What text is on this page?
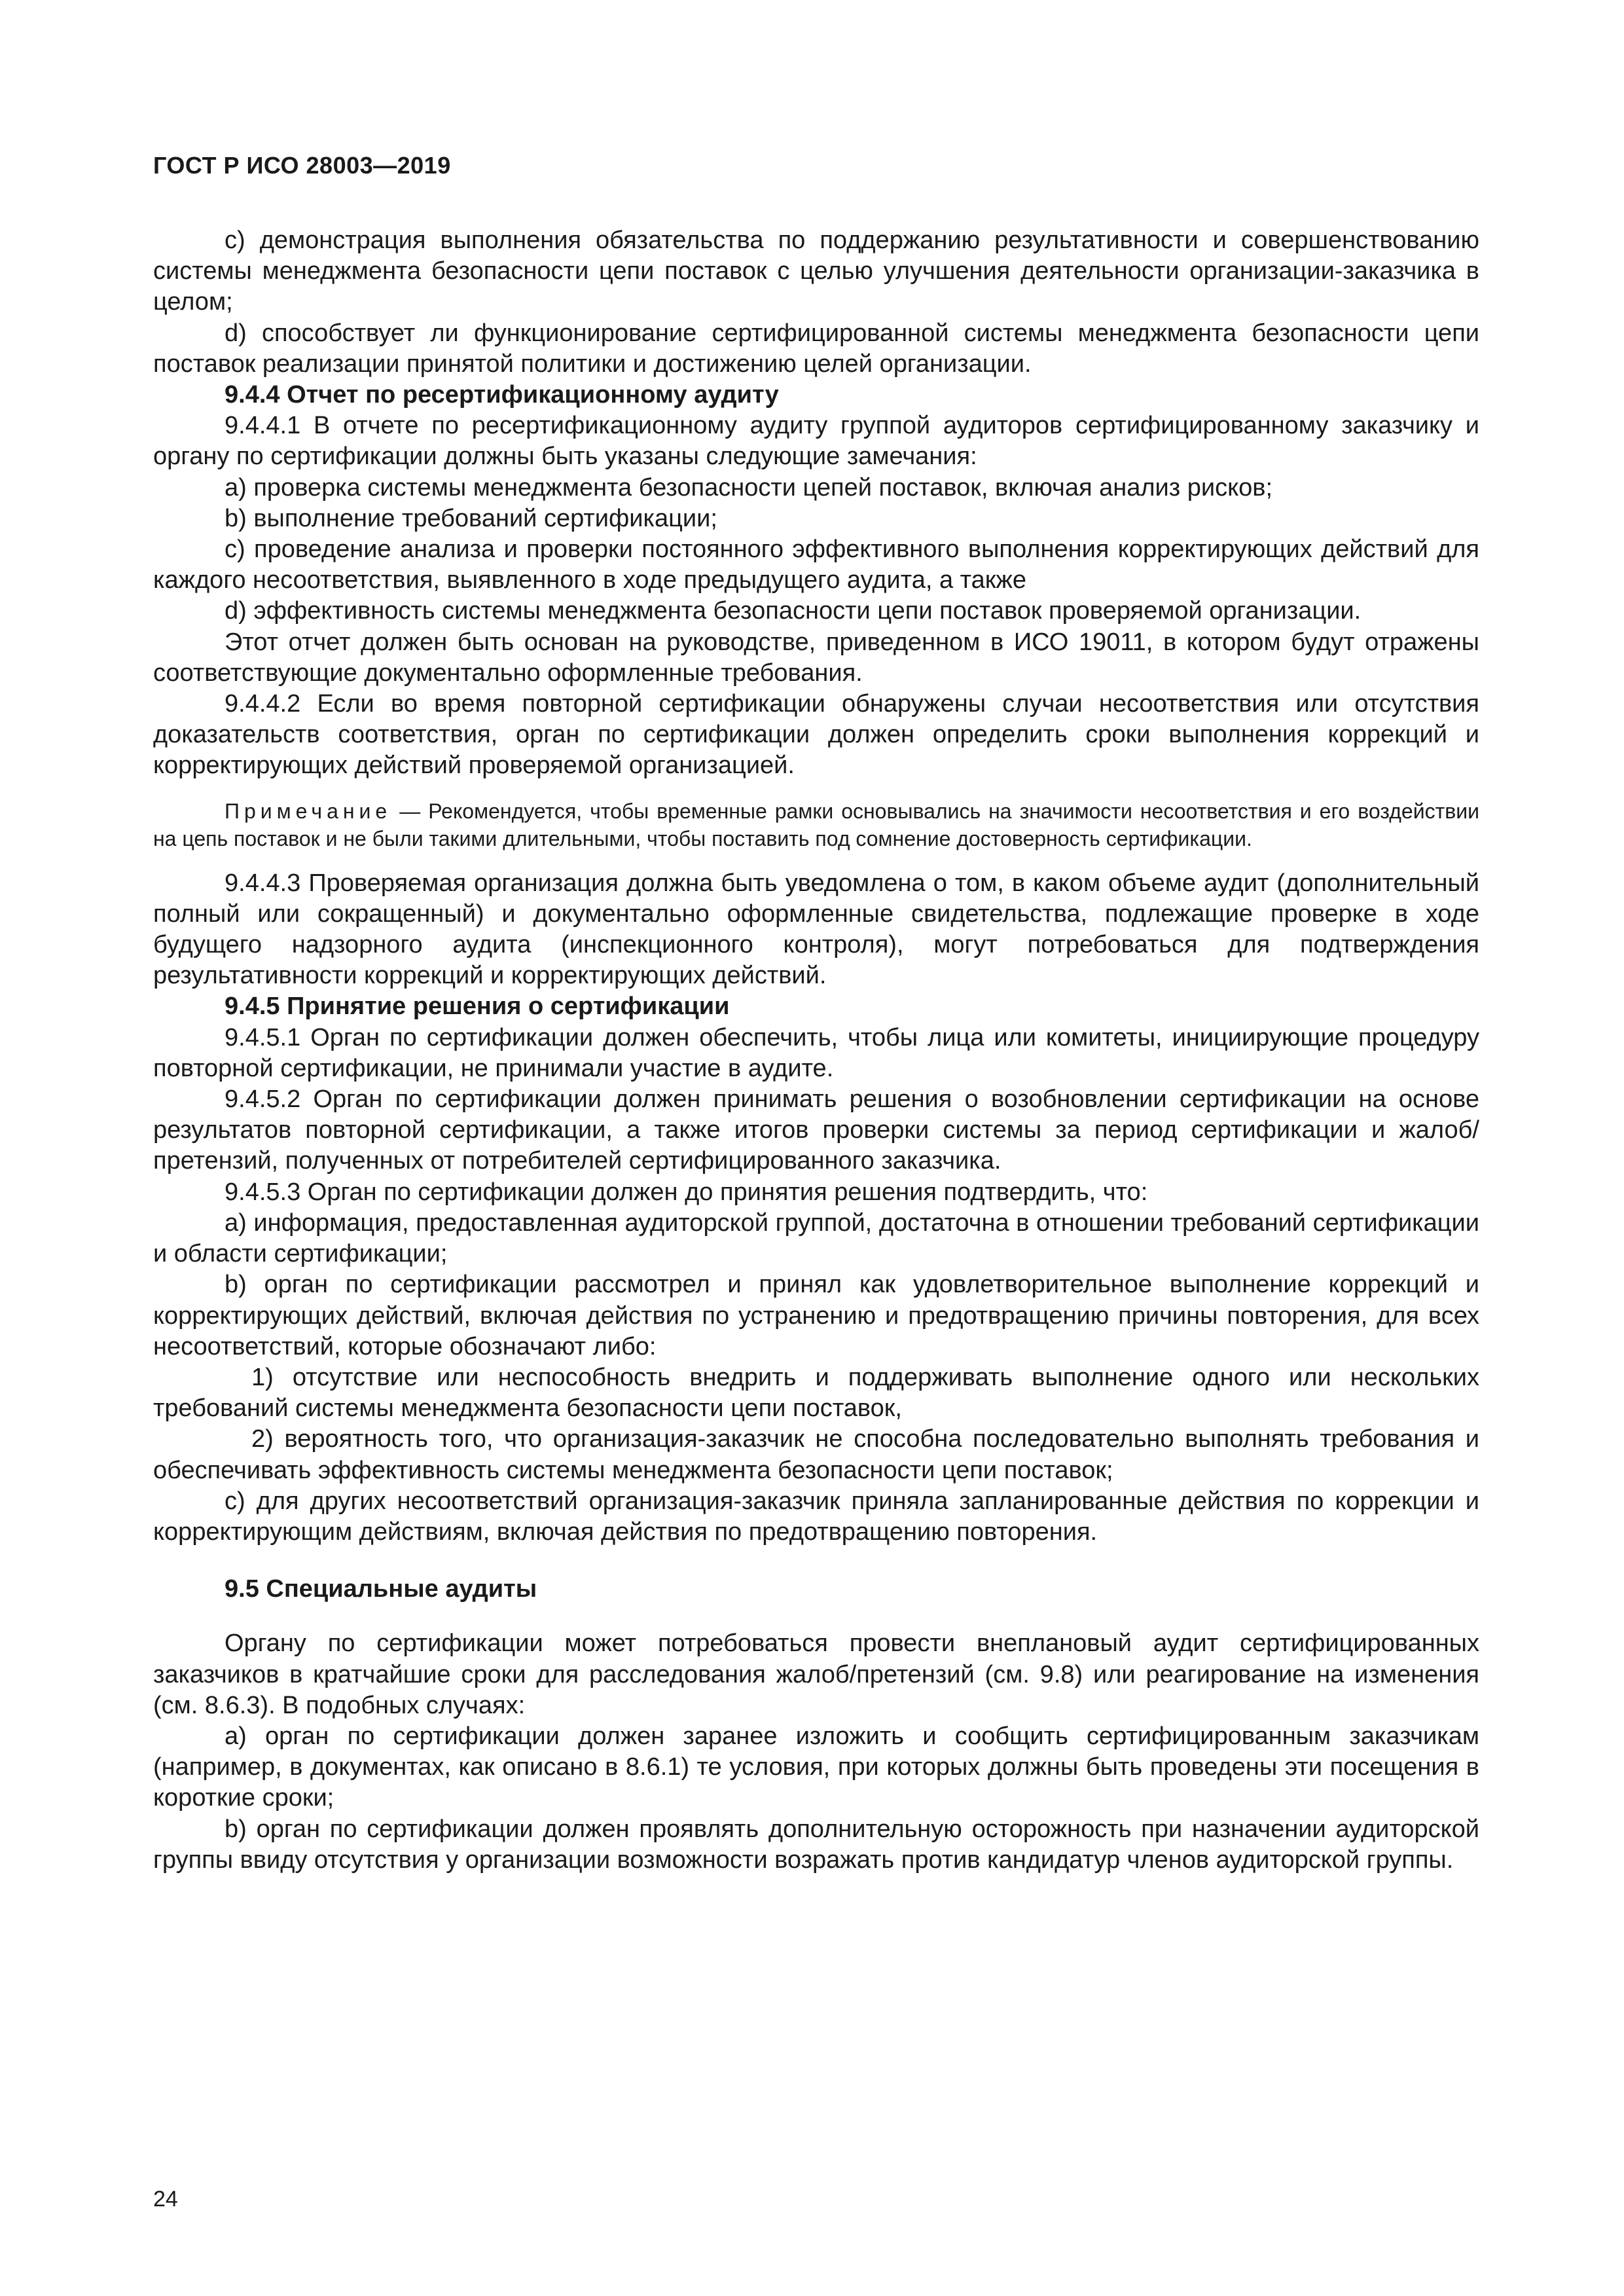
ГОСТ Р ИСО 28003—2019

c) демонстрация выполнения обязательства по поддержанию результативности и совершенствованию системы менеджмента безопасности цепи поставок с целью улучшения деятельности организации-заказчика в целом;

d) способствует ли функционирование сертифицированной системы менеджмента безопасности цепи поставок реализации принятой политики и достижению целей организации.

9.4.4 Отчет по ресертификационному аудиту

9.4.4.1 В отчете по ресертификационному аудиту группой аудиторов сертифицированному заказчику и органу по сертификации должны быть указаны следующие замечания:

a) проверка системы менеджмента безопасности цепей поставок, включая анализ рисков;

b) выполнение требований сертификации;

c) проведение анализа и проверки постоянного эффективного выполнения корректирующих действий для каждого несоответствия, выявленного в ходе предыдущего аудита, а также

d) эффективность системы менеджмента безопасности цепи поставок проверяемой организации.

Этот отчет должен быть основан на руководстве, приведенном в ИСО 19011, в котором будут отражены соответствующие документально оформленные требования.

9.4.4.2 Если во время повторной сертификации обнаружены случаи несоответствия или отсутствия доказательств соответствия, орган по сертификации должен определить сроки выполнения коррекций и корректирующих действий проверяемой организацией.

Примечание — Рекомендуется, чтобы временные рамки основывались на значимости несоответствия и его воздействии на цепь поставок и не были такими длительными, чтобы поставить под сомнение достоверность сертификации.

9.4.4.3 Проверяемая организация должна быть уведомлена о том, в каком объеме аудит (дополнительный полный или сокращенный) и документально оформленные свидетельства, подлежащие проверке в ходе будущего надзорного аудита (инспекционного контроля), могут потребоваться для подтверждения результативности коррекций и корректирующих действий.

9.4.5 Принятие решения о сертификации

9.4.5.1 Орган по сертификации должен обеспечить, чтобы лица или комитеты, инициирующие процедуру повторной сертификации, не принимали участие в аудите.

9.4.5.2 Орган по сертификации должен принимать решения о возобновлении сертификации на основе результатов повторной сертификации, а также итогов проверки системы за период сертификации и жалоб/претензий, полученных от потребителей сертифицированного заказчика.

9.4.5.3 Орган по сертификации должен до принятия решения подтвердить, что:

a) информация, предоставленная аудиторской группой, достаточна в отношении требований сертификации и области сертификации;

b) орган по сертификации рассмотрел и принял как удовлетворительное выполнение коррекций и корректирующих действий, включая действия по устранению и предотвращению причины повторения, для всех несоответствий, которые обозначают либо:

1) отсутствие или неспособность внедрить и поддерживать выполнение одного или нескольких требований системы менеджмента безопасности цепи поставок,

2) вероятность того, что организация-заказчик не способна последовательно выполнять требования и обеспечивать эффективность системы менеджмента безопасности цепи поставок;

c) для других несоответствий организация-заказчик приняла запланированные действия по коррекции и корректирующим действиям, включая действия по предотвращению повторения.

9.5 Специальные аудиты

Органу по сертификации может потребоваться провести внеплановый аудит сертифицированных заказчиков в кратчайшие сроки для расследования жалоб/претензий (см. 9.8) или реагирование на изменения (см. 8.6.3). В подобных случаях:

a) орган по сертификации должен заранее изложить и сообщить сертифицированным заказчикам (например, в документах, как описано в 8.6.1) те условия, при которых должны быть проведены эти посещения в короткие сроки;

b) орган по сертификации должен проявлять дополнительную осторожность при назначении аудиторской группы ввиду отсутствия у организации возможности возражать против кандидатур членов аудиторской группы.

24
